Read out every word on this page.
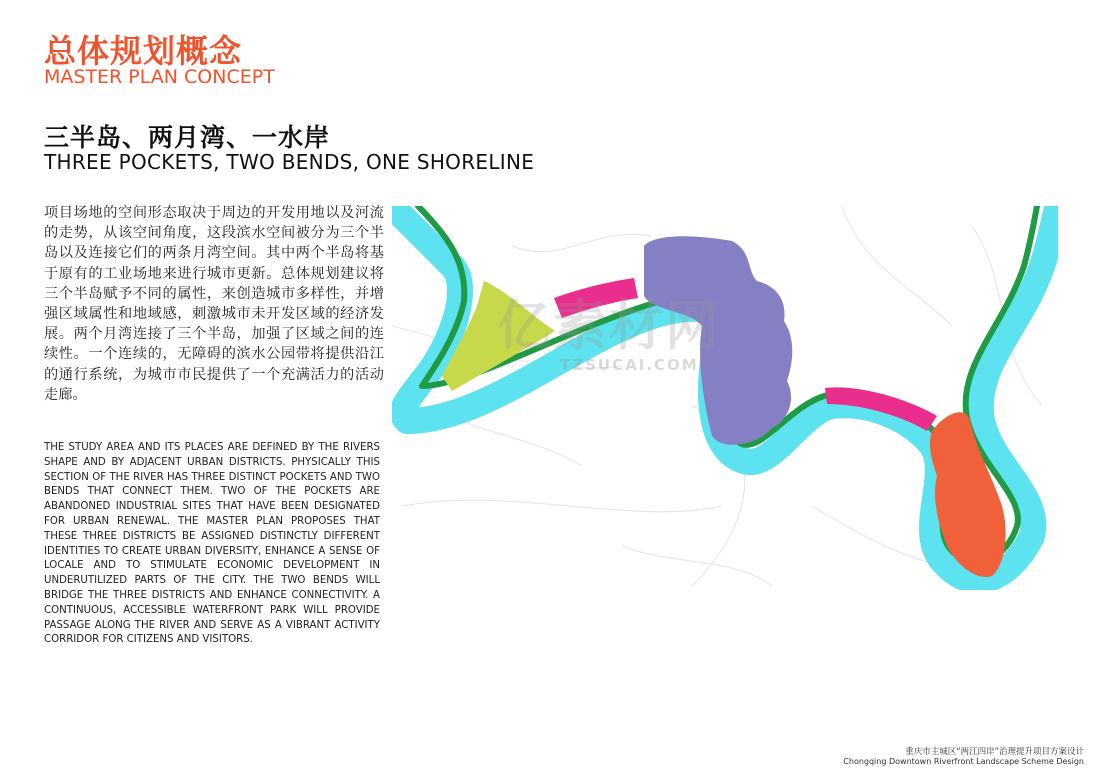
总体规划概念
MASTER PLAN CONCEPT
三半岛、两月湾、一水岸
THREE POCKETS, TWO BENDS, ONE SHORELINE
项目场地的空间形态取决于周边的开发用地以及河流的走势，从该空间角度，这段滨水空间被分为三个半岛以及连接它们的两条月湾空间。其中两个半岛将基于原有的工业场地来进行城市更新。总体规划建议将三个半岛赋予不同的属性，来创造城市多样性，并增强区域属性和地域感，刺激城市未开发区域的经济发展。两个月湾连接了三个半岛，加强了区域之间的连续性。一个连续的，无障碍的滨水公园带将提供沿江的通行系统，为城市市民提供了一个充满活力的活动走廊。
THE STUDY AREA AND ITS PLACES ARE DEFINED BY THE RIVERS SHAPE AND BY ADJACENT URBAN DISTRICTS. PHYSICALLY THIS SECTION OF THE RIVER HAS THREE DISTINCT POCKETS AND TWO BENDS THAT CONNECT THEM. TWO OF THE POCKETS ARE ABANDONED INDUSTRIAL SITES THAT HAVE BEEN DESIGNATED FOR URBAN RENEWAL. THE MASTER PLAN PROPOSES THAT THESE THREE DISTRICTS BE ASSIGNED DISTINCTLY DIFFERENT IDENTITIES TO CREATE URBAN DIVERSITY, ENHANCE A SENSE OF LOCALE AND TO STIMULATE ECONOMIC DEVELOPMENT IN UNDERUTILIZED PARTS OF THE CITY. THE TWO BENDS WILL BRIDGE THE THREE DISTRICTS AND ENHANCE CONNECTIVITY. A CONTINUOUS, ACCESSIBLE WATERFRONT PARK WILL PROVIDE PASSAGE ALONG THE RIVER AND SERVE AS A VIBRANT ACTIVITY CORRIDOR FOR CITIZENS AND VISITORS.
亿素材网
TZSUCAI.COM
重庆市主城区“两江四岸”治理提升项目方案设计
Chongqing Downtown Riverfront Landscape Scheme Design
